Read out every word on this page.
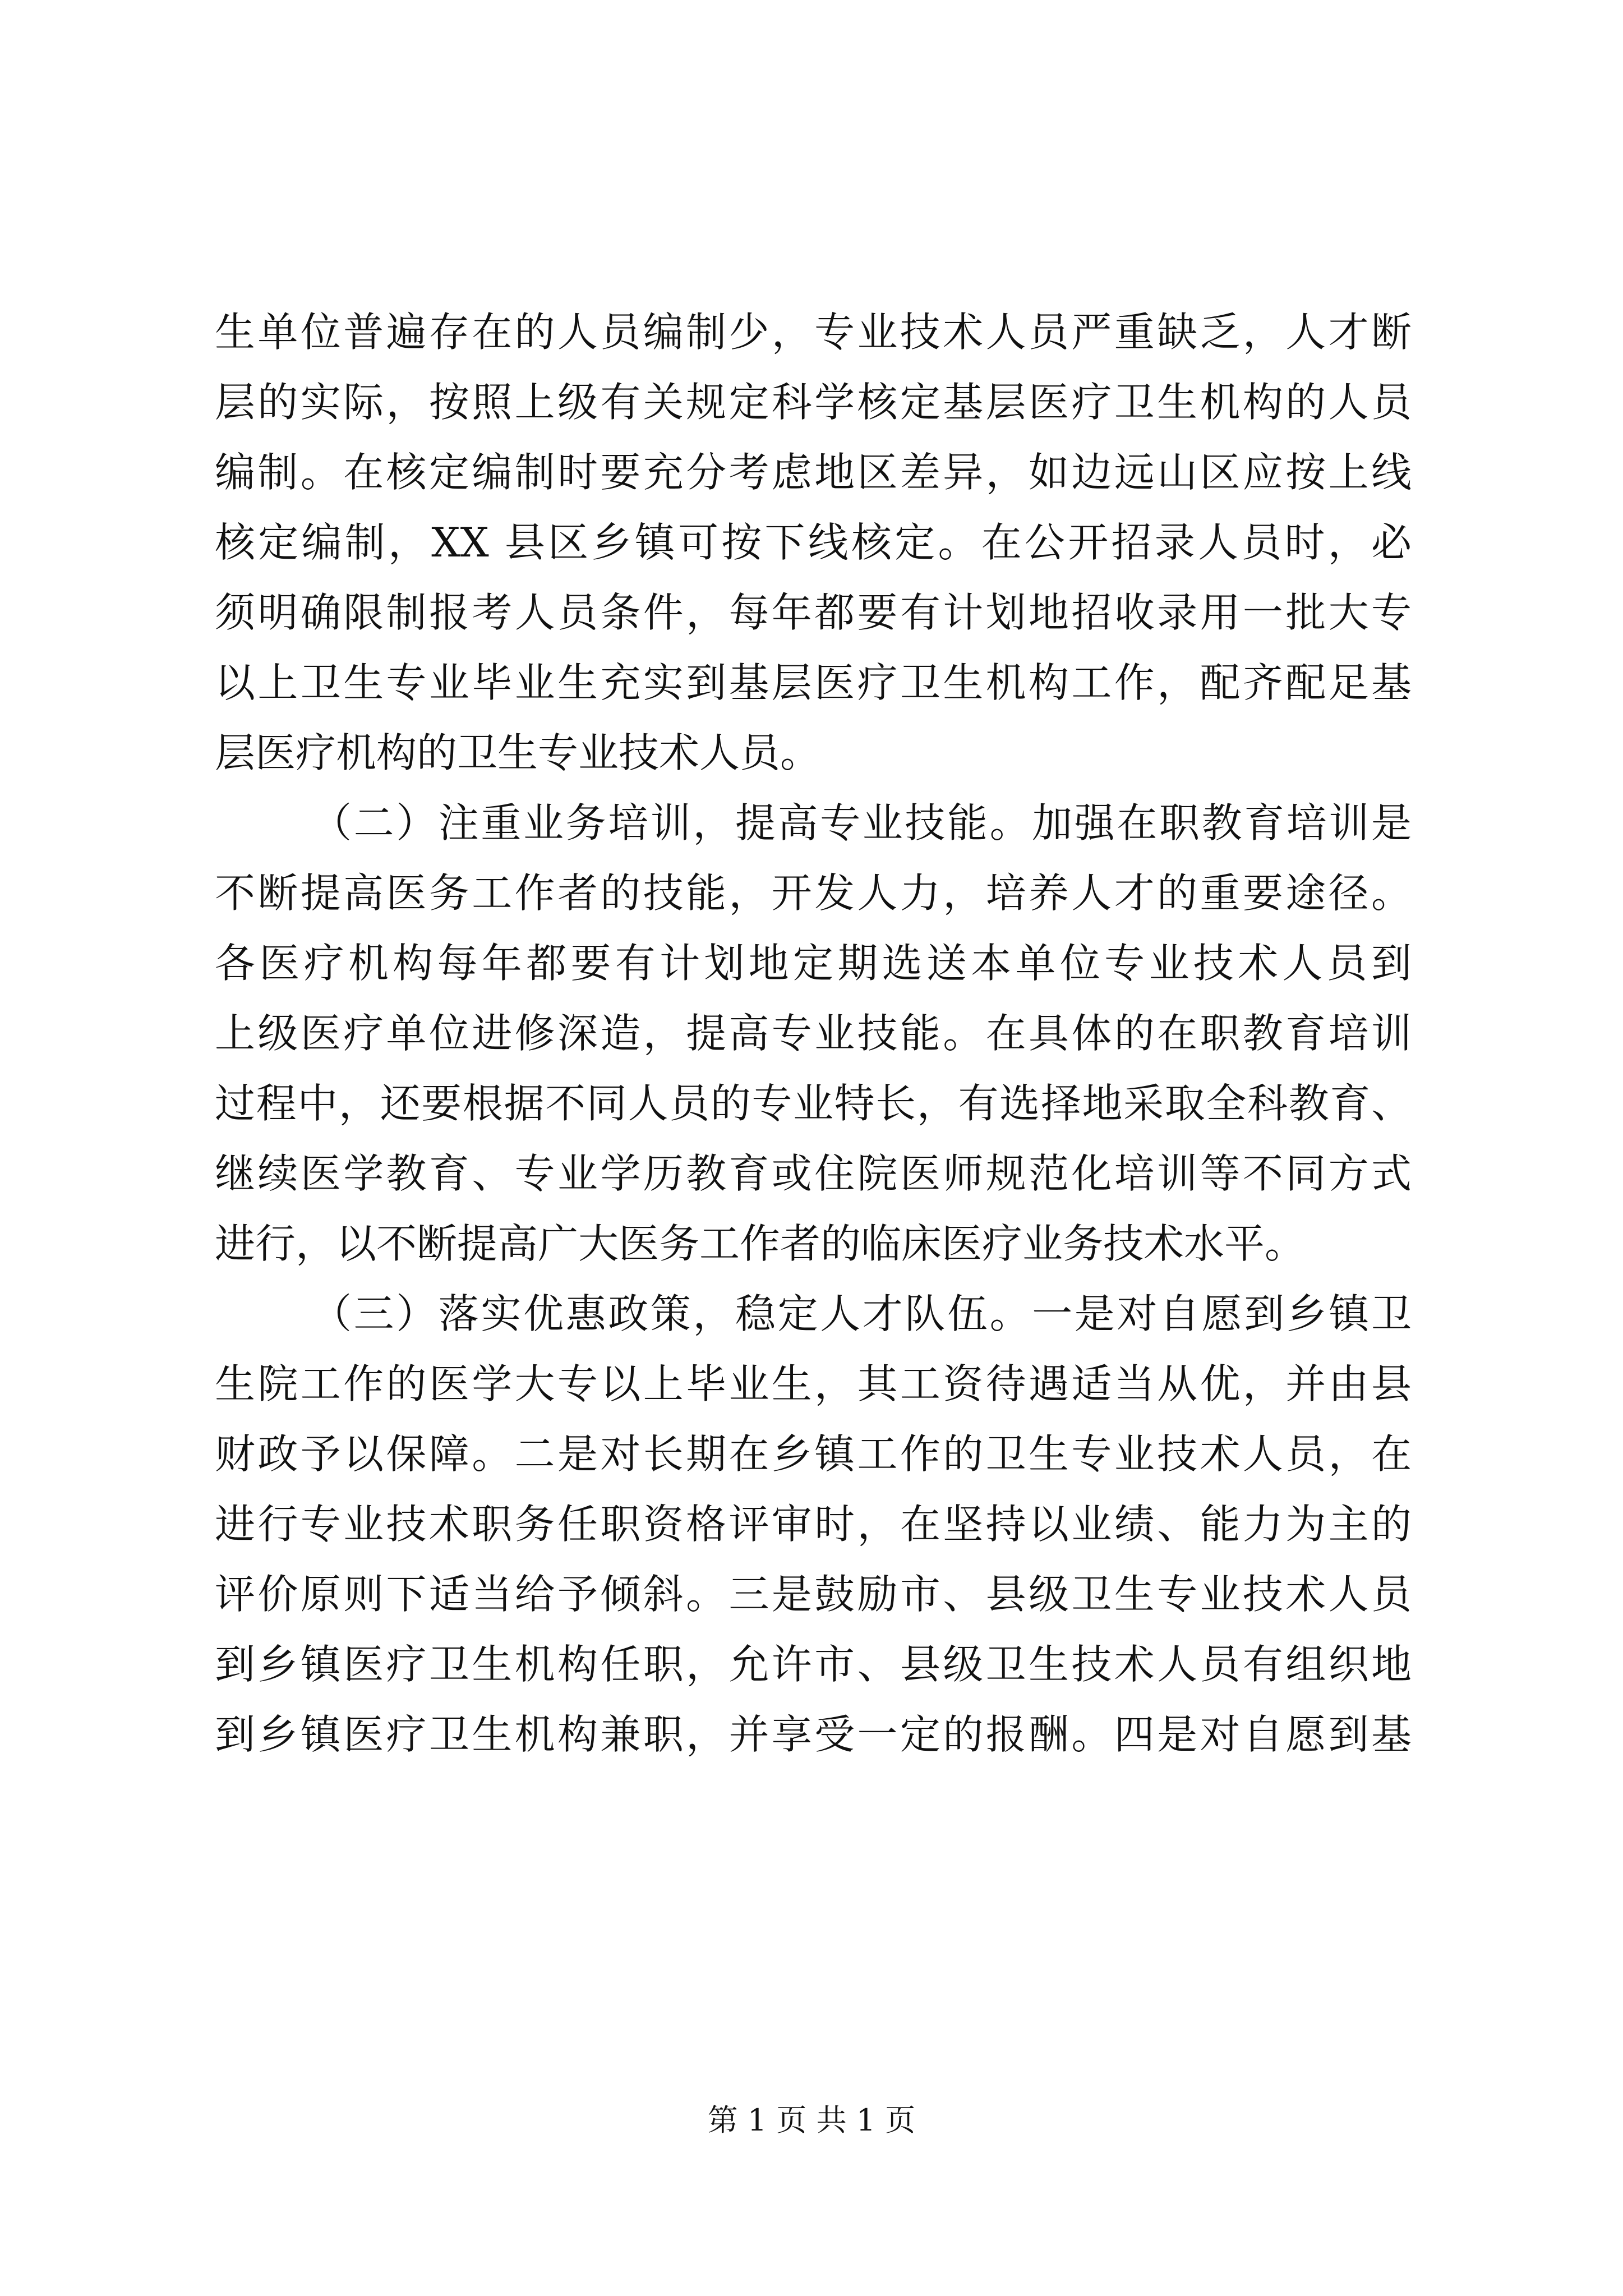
生单位普遍存在的人员编制少，专业技术人员严重缺乏，人才断
层的实际，按照上级有关规定科学核定基层医疗卫生机构的人员
编制。在核定编制时要充分考虑地区差异，如边远山区应按上线
核定编制，XX 县区乡镇可按下线核定。在公开招录人员时，必
须明确限制报考人员条件，每年都要有计划地招收录用一批大专
以上卫生专业毕业生充实到基层医疗卫生机构工作，配齐配足基
层医疗机构的卫生专业技术人员。
（二）注重业务培训，提高专业技能。加强在职教育培训是
不断提高医务工作者的技能，开发人力，培养人才的重要途径。
各医疗机构每年都要有计划地定期选送本单位专业技术人员到
上级医疗单位进修深造，提高专业技能。在具体的在职教育培训
过程中，还要根据不同人员的专业特长，有选择地采取全科教育、
继续医学教育、专业学历教育或住院医师规范化培训等不同方式
进行，以不断提高广大医务工作者的临床医疗业务技术水平。
（三）落实优惠政策，稳定人才队伍。一是对自愿到乡镇卫
生院工作的医学大专以上毕业生，其工资待遇适当从优，并由县
财政予以保障。二是对长期在乡镇工作的卫生专业技术人员，在
进行专业技术职务任职资格评审时，在坚持以业绩、能力为主的
评价原则下适当给予倾斜。三是鼓励市、县级卫生专业技术人员
到乡镇医疗卫生机构任职，允许市、县级卫生技术人员有组织地
到乡镇医疗卫生机构兼职，并享受一定的报酬。四是对自愿到基
第 1 页 共 1 页
